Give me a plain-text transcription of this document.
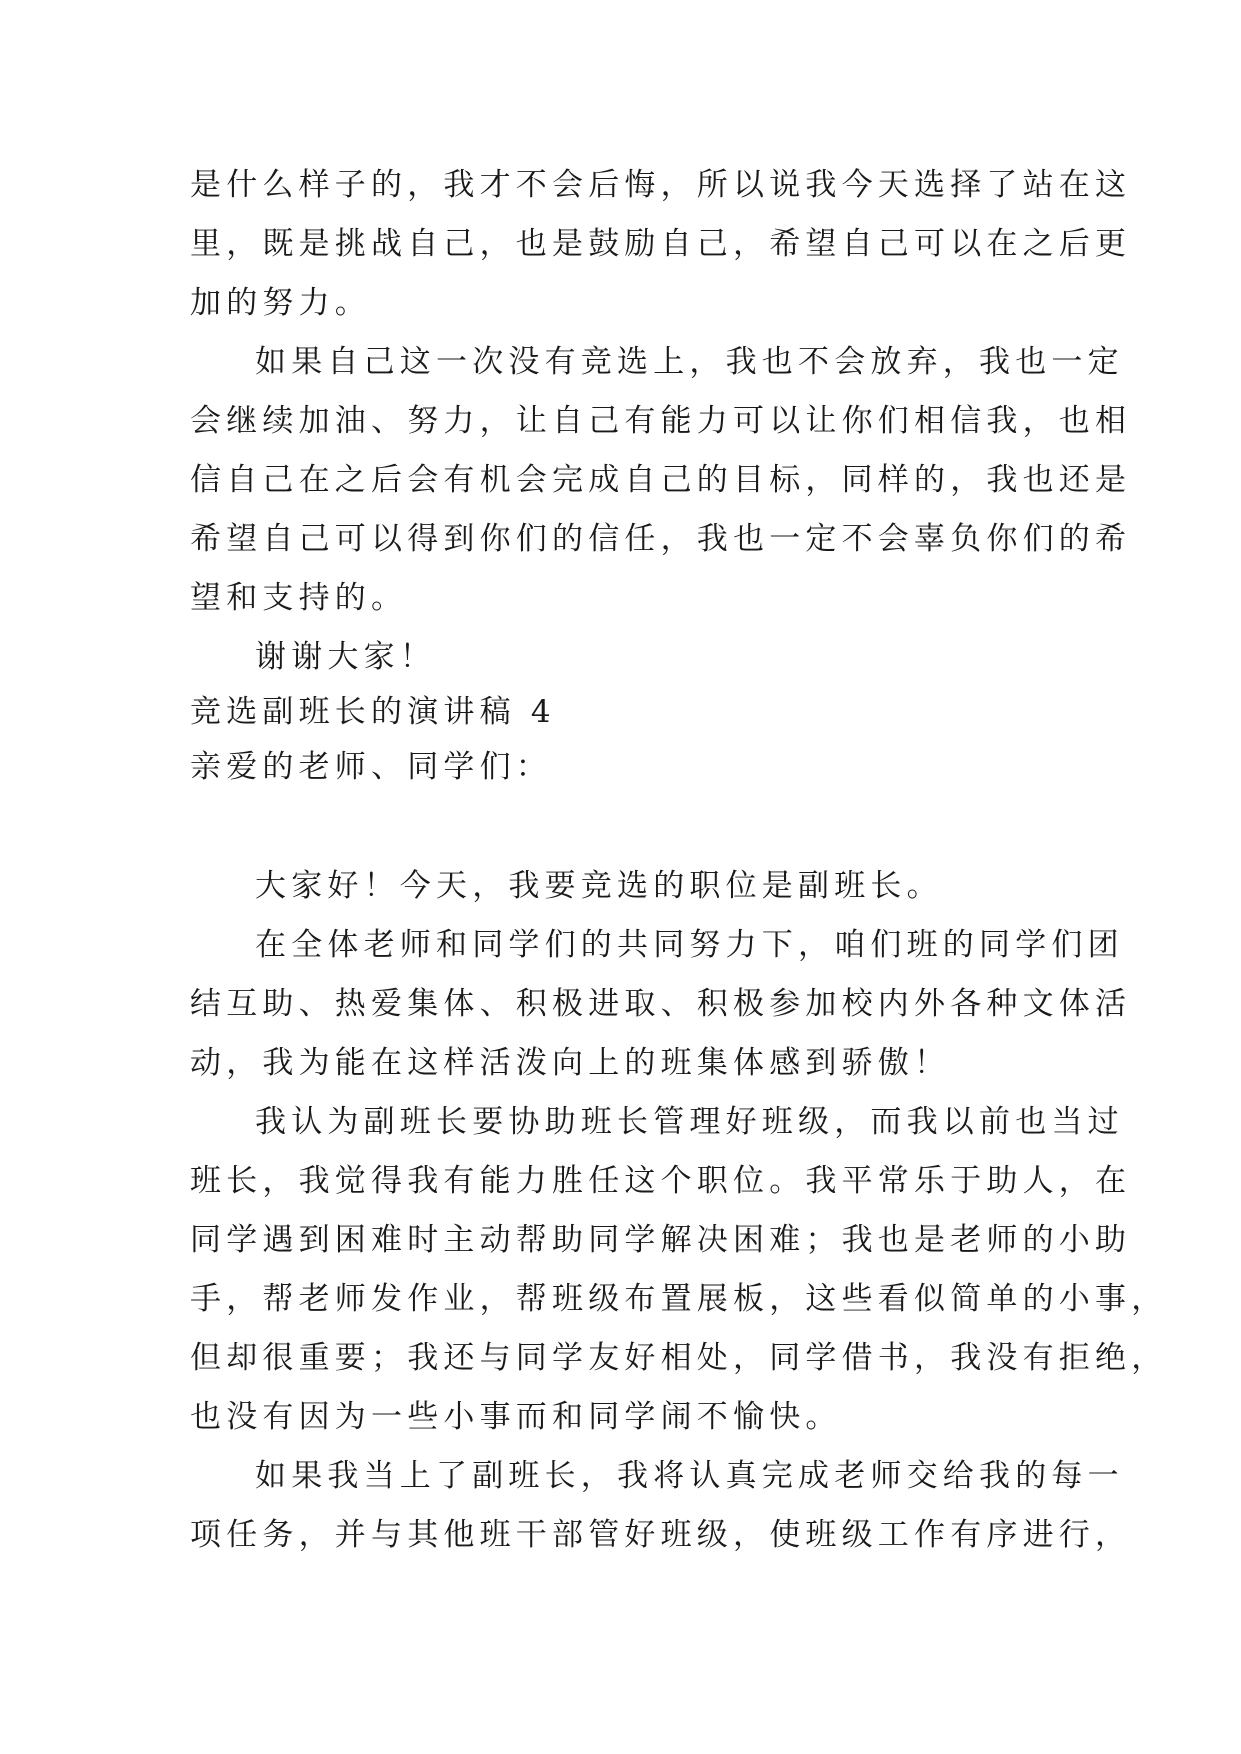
是什么样子的，我才不会后悔，所以说我今天选择了站在这
里，既是挑战自己，也是鼓励自己，希望自己可以在之后更
加的努力。
如果自己这一次没有竞选上，我也不会放弃，我也一定
会继续加油、努力，让自己有能力可以让你们相信我，也相
信自己在之后会有机会完成自己的目标，同样的，我也还是
希望自己可以得到你们的信任，我也一定不会辜负你们的希
望和支持的。
谢谢大家！
竞选副班长的演讲稿 4
亲爱的老师、同学们：
大家好！今天，我要竞选的职位是副班长。
在全体老师和同学们的共同努力下，咱们班的同学们团
结互助、热爱集体、积极进取、积极参加校内外各种文体活
动，我为能在这样活泼向上的班集体感到骄傲！
我认为副班长要协助班长管理好班级，而我以前也当过
班长，我觉得我有能力胜任这个职位。我平常乐于助人，在
同学遇到困难时主动帮助同学解决困难；我也是老师的小助
手，帮老师发作业，帮班级布置展板，这些看似简单的小事，
但却很重要；我还与同学友好相处，同学借书，我没有拒绝，
也没有因为一些小事而和同学闹不愉快。
如果我当上了副班长，我将认真完成老师交给我的每一
项任务，并与其他班干部管好班级，使班级工作有序进行，
